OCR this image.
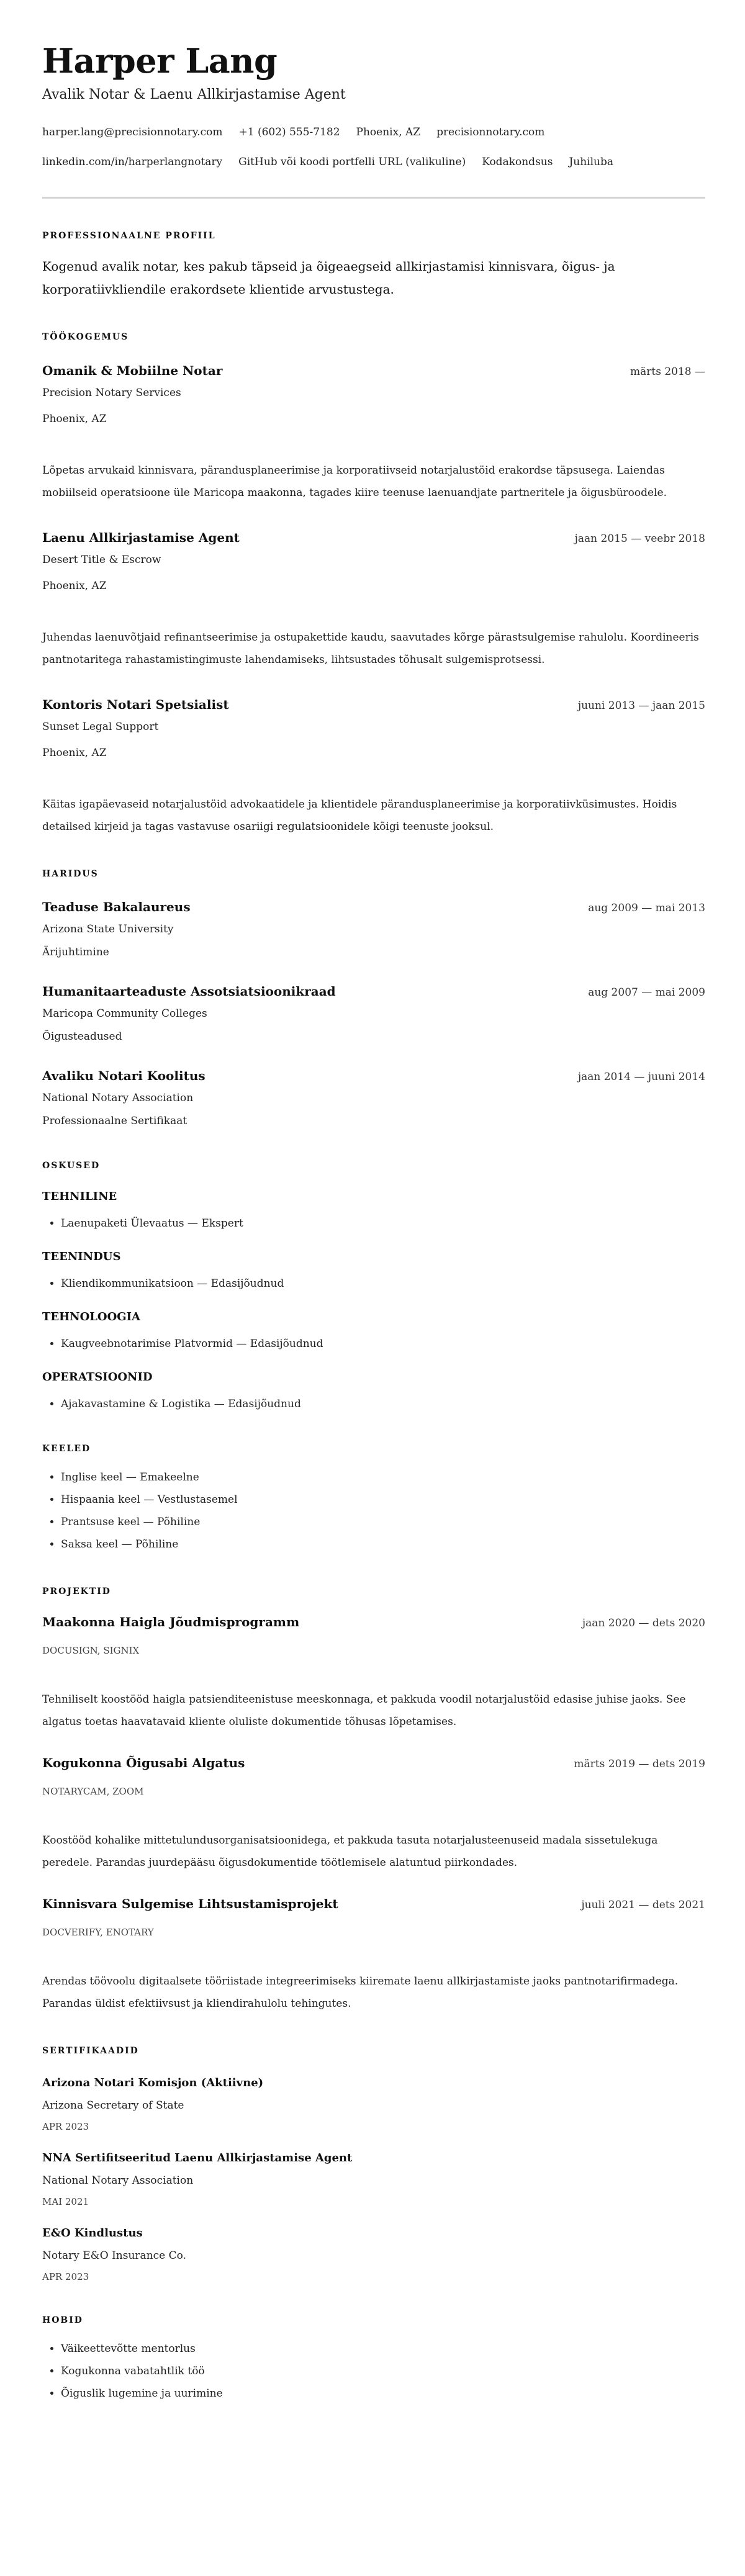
Harper Lang
Avalik Notar & Laenu Allkirjastamise Agent
harper.lang@precisionnotary.com +1 (602) 555-7182 Phoenix, AZ precisionnotary.com
linkedin.com/in/harperlangnotary GitHub või koodi portfelli URL (valikuline) Kodakondsus Juhiluba
PROFESSIONAALNE PROFIIL
Kogenud avalik notar, kes pakub täpseid ja õigeaegseid allkirjastamisi kinnisvara, õigus- ja korporatiivkliendile erakordsete klientide arvustustega.
TÖÖKOGEMUS
Omanik & Mobiilne Notar	märts 2018 —
Precision Notary Services
Phoenix, AZ
Lõpetas arvukaid kinnisvara, pärandusplaneerimise ja korporatiivseid notarjalustöid erakordse täpsusega. Laiendas mobiilseid operatsioone üle Maricopa maakonna, tagades kiire teenuse laenuandjate partneritele ja õigusbüroodele.
Laenu Allkirjastamise Agent	jaan 2015 — veebr 2018
Desert Title & Escrow
Phoenix, AZ
Juhendas laenuvõtjaid refinantseerimise ja ostupakettide kaudu, saavutades kõrge pärastsulgemise rahulolu. Koordineeris pantnotaritega rahastamistingimuste lahendamiseks, lihtsustades tõhusalt sulgemisprotsessi.
Kontoris Notari Spetsialist	juuni 2013 — jaan 2015
Sunset Legal Support
Phoenix, AZ
Käitas igapäevaseid notarjalustöid advokaatidele ja klientidele pärandusplaneerimise ja korporatiivküsimustes. Hoidis detailsed kirjeid ja tagas vastavuse osariigi regulatsioonidele kõigi teenuste jooksul.
HARIDUS
Teaduse Bakalaureus	aug 2009 — mai 2013
Arizona State University
Ärijuhtimine
Humanitaarteaduste Assotsiatsioonikraad	aug 2007 — mai 2009
Maricopa Community Colleges
Õigusteadused
Avaliku Notari Koolitus	jaan 2014 — juuni 2014
National Notary Association
Professionaalne Sertifikaat
OSKUSED
TEHNILINE
• Laenupaketi Ülevaatus — Ekspert
TEENINDUS
• Kliendikommunikatsioon — Edasijõudnud
TEHNOLOOGIA
• Kaugveebnotarimise Platvormid — Edasijõudnud
OPERATSIOONID
• Ajakavastamine & Logistika — Edasijõudnud
KEELED
• Inglise keel — Emakeelne
• Hispaania keel — Vestlustasemel
• Prantsuse keel — Põhiline
• Saksa keel — Põhiline
PROJEKTID
Maakonna Haigla Jõudmisprogramm	jaan 2020 — dets 2020
DOCUSIGN, SIGNIX
Tehniliselt koostööd haigla patsienditeenistuse meeskonnaga, et pakkuda voodil notarjalustöid edasise juhise jaoks. See algatus toetas haavatavaid kliente oluliste dokumentide tõhusas lõpetamises.
Kogukonna Õigusabi Algatus	märts 2019 — dets 2019
NOTARYCAM, ZOOM
Koostööd kohalike mittetulundusorganisatsioonidega, et pakkuda tasuta notarjalusteenuseid madala sissetulekuga peredele. Parandas juurdepääsu õigusdokumentide töötlemisele alatuntud piirkondades.
Kinnisvara Sulgemise Lihtsustamisprojekt	juuli 2021 — dets 2021
DOCVERIFY, ENOTARY
Arendas töövoolu digitaalsete tööriistade integreerimiseks kiiremate laenu allkirjastamiste jaoks pantnotarifirmadega. Parandas üldist efektiivsust ja kliendirahulolu tehingutes.
SERTIFIKAADID
Arizona Notari Komisjon (Aktiivne)
Arizona Secretary of State
APR 2023
NNA Sertifitseeritud Laenu Allkirjastamise Agent
National Notary Association
MAI 2021
E&O Kindlustus
Notary E&O Insurance Co.
APR 2023
HOBID
• Väikeettevõtte mentorlus
• Kogukonna vabatahtlik töö
• Õiguslik lugemine ja uurimine
